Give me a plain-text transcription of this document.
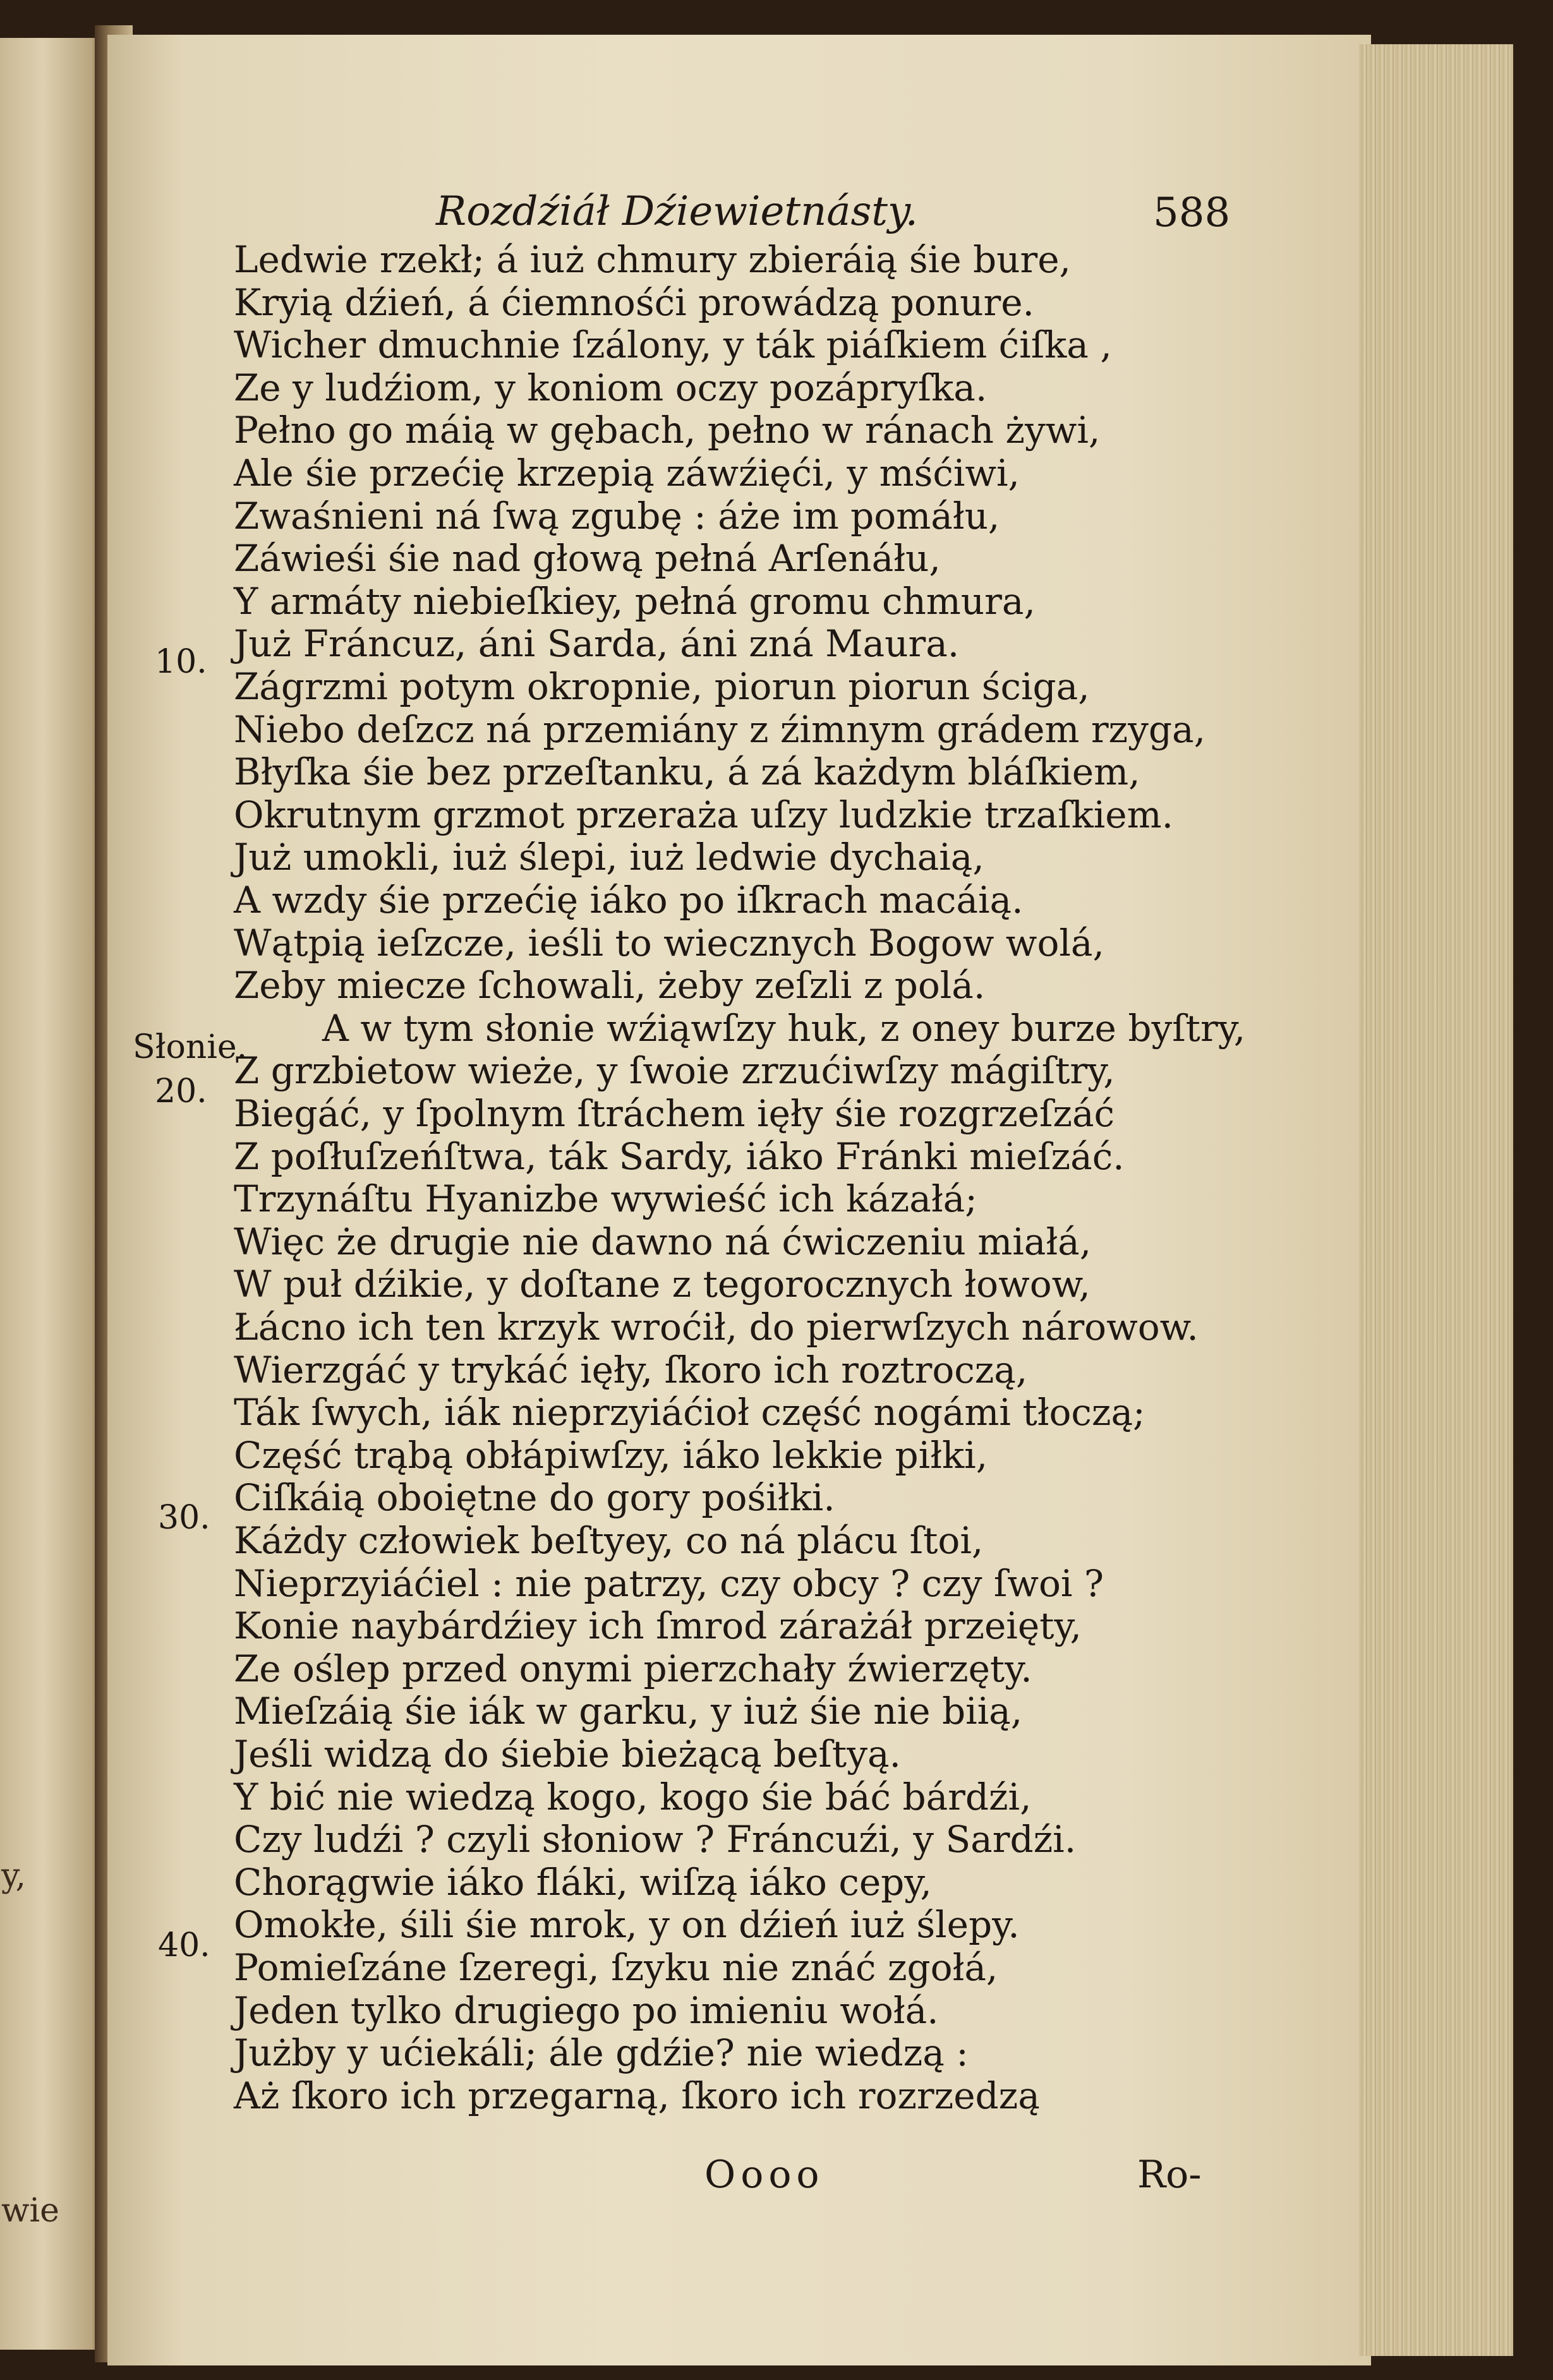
y,
wie
Rozdźiáł Dźiewietnásty.	588
10.
Słonie.
20.
30.
40.
Ledwie rzekł; á iuż chmury zbieráią śie bure,
Kryią dźień, á ćiemnośći prowádzą ponure.
Wicher dmuchnie ſzálony, y ták piáſkiem ćiſka ,
Ze y ludźiom, y koniom oczy pozápryſka.
Pełno go máią w gębach, pełno w ránach żywi,
Ale śie przećię krzepią záwźięći, y mśćiwi,
Zwaśnieni ná ſwą zgubę : áże im pomáłu,
Záwieśi śie nad głową pełná Arſenáłu,
Y armáty niebieſkiey, pełná gromu chmura,
Już Fráncuz, áni Sarda, áni zná Maura.
Zágrzmi potym okropnie, piorun piorun ściga,
Niebo deſzcz ná przemiány z źimnym grádem rzyga,
Błyſka śie bez przeſtanku, á zá każdym bláſkiem,
Okrutnym grzmot przeraża uſzy ludzkie trzaſkiem.
Już umokli, iuż ślepi, iuż ledwie dychaią,
A wzdy śie przećię iáko po iſkrach macáią.
Wątpią ieſzcze, ieśli to wiecznych Bogow wolá,
Zeby miecze ſchowali, żeby zeſzli z polá.
A w tym słonie wźiąwſzy huk, z oney burze byſtry,
Z grzbietow wieże, y ſwoie zrzućiwſzy mágiſtry,
Biegáć, y ſpolnym ſtráchem ięły śie rozgrzeſzáć
Z poſłuſzeńſtwa, ták Sardy, iáko Fránki mieſzáć.
Trzynáſtu Hyanizbe wywieść ich kázałá;
Więc że drugie nie dawno ná ćwiczeniu miałá,
W puł dźikie, y doſtane z tegorocznych łowow,
Łácno ich ten krzyk wroćił, do pierwſzych nárowow.
Wierzgáć y trykáć ięły, ſkoro ich roztroczą,
Ták ſwych, iák nieprzyiáćioł część nogámi tłoczą;
Część trąbą obłápiwſzy, iáko lekkie piłki,
Ciſkáią oboiętne do gory pośiłki.
Káżdy człowiek beſtyey, co ná plácu ſtoi,
Nieprzyiáćiel : nie patrzy, czy obcy ? czy ſwoi ?
Konie naybárdźiey ich ſmrod zárażáł przeięty,
Ze oślep przed onymi pierzchały źwierzęty.
Mieſzáią śie iák w garku, y iuż śie nie biią,
Jeśli widzą do śiebie bieżącą beſtyą.
Y bić nie wiedzą kogo, kogo śie báć bárdźi,
Czy ludźi ? czyli słoniow ? Fráncuźi, y Sardźi.
Chorągwie iáko fláki, wiſzą iáko cepy,
Omokłe, śili śie mrok, y on dźień iuż ślepy.
Pomieſzáne ſzeregi, ſzyku nie znáć zgołá,
Jeden tylko drugiego po imieniu wołá.
Jużby y ućiekáli; ále gdźie? nie wiedzą :
Aż ſkoro ich przegarną, ſkoro ich rozrzedzą
Oooo	Ro-
